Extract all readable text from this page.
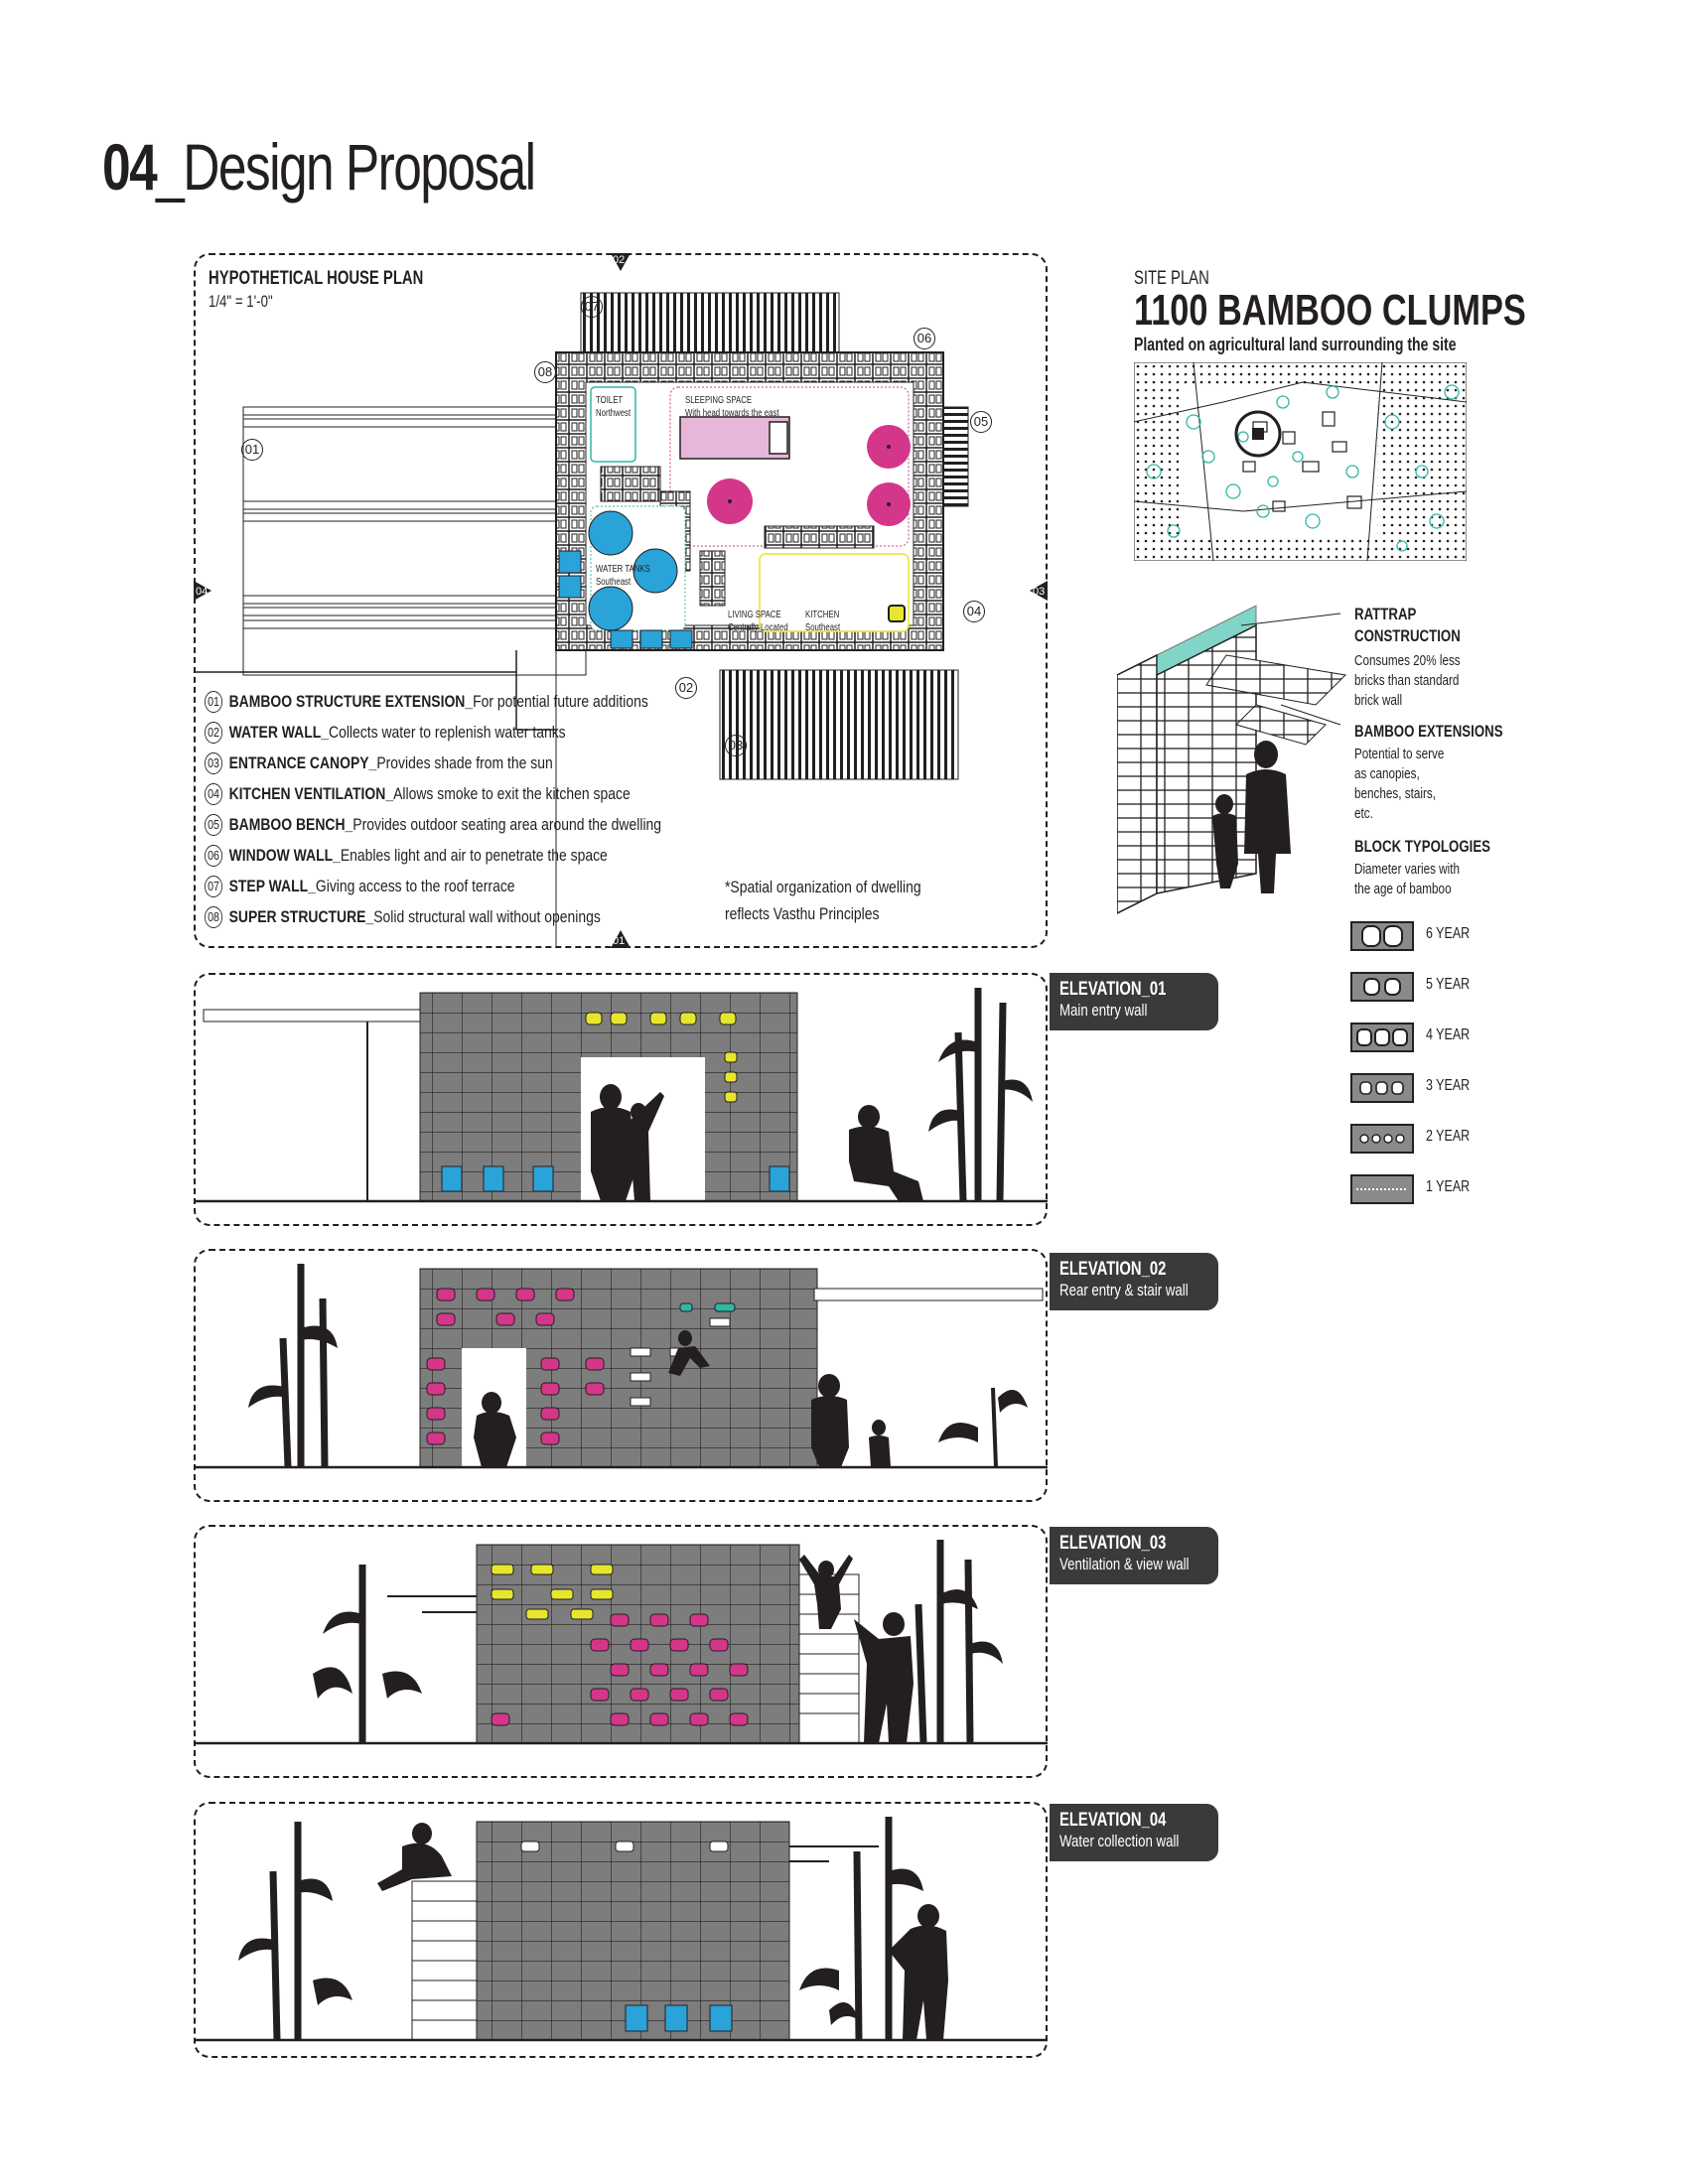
04_Design Proposal
HYPOTHETICAL HOUSE PLAN
1/4" = 1'-0"	07
06
08
01
05
04
02
03
02
01
04	03
TOILET
Northwest
SLEEPING SPACE
With head towards the east
WATER TANKS
Southeast
LIVING SPACE
Centrally Located
KITCHEN
Southeast
01 BAMBOO STRUCTURE EXTENSION_ For potential future additions
02 WATER WALL_ Collects water to replenish water tanks
03 ENTRANCE CANOPY_ Provides shade from the sun
04 KITCHEN VENTILATION_ Allows smoke to exit the kitchen space
05 BAMBOO BENCH_ Provides outdoor seating area around the dwelling
06 WINDOW WALL_ Enables light and air to penetrate the space
07 STEP WALL_ Giving access to the roof terrace
08 SUPER STRUCTURE_ Solid structural wall without openings
*Spatial organization of dwelling reflects Vasthu Principles
SITE PLAN
1100 BAMBOO CLUMPS
Planted on agricultural land surrounding the site
RATTRAP CONSTRUCTION
Consumes 20% less bricks than standard brick wall
BAMBOO EXTENSIONS
Potential to serve as canopies, benches, stairs, etc.
BLOCK TYPOLOGIES
Diameter varies with the age of bamboo
6 YEAR
5 YEAR
4 YEAR
3 YEAR
2 YEAR
1 YEAR
ELEVATION_01
Main entry wall
ELEVATION_02
Rear entry & stair wall
ELEVATION_03
Ventilation & view wall
ELEVATION_04
Water collection wall
